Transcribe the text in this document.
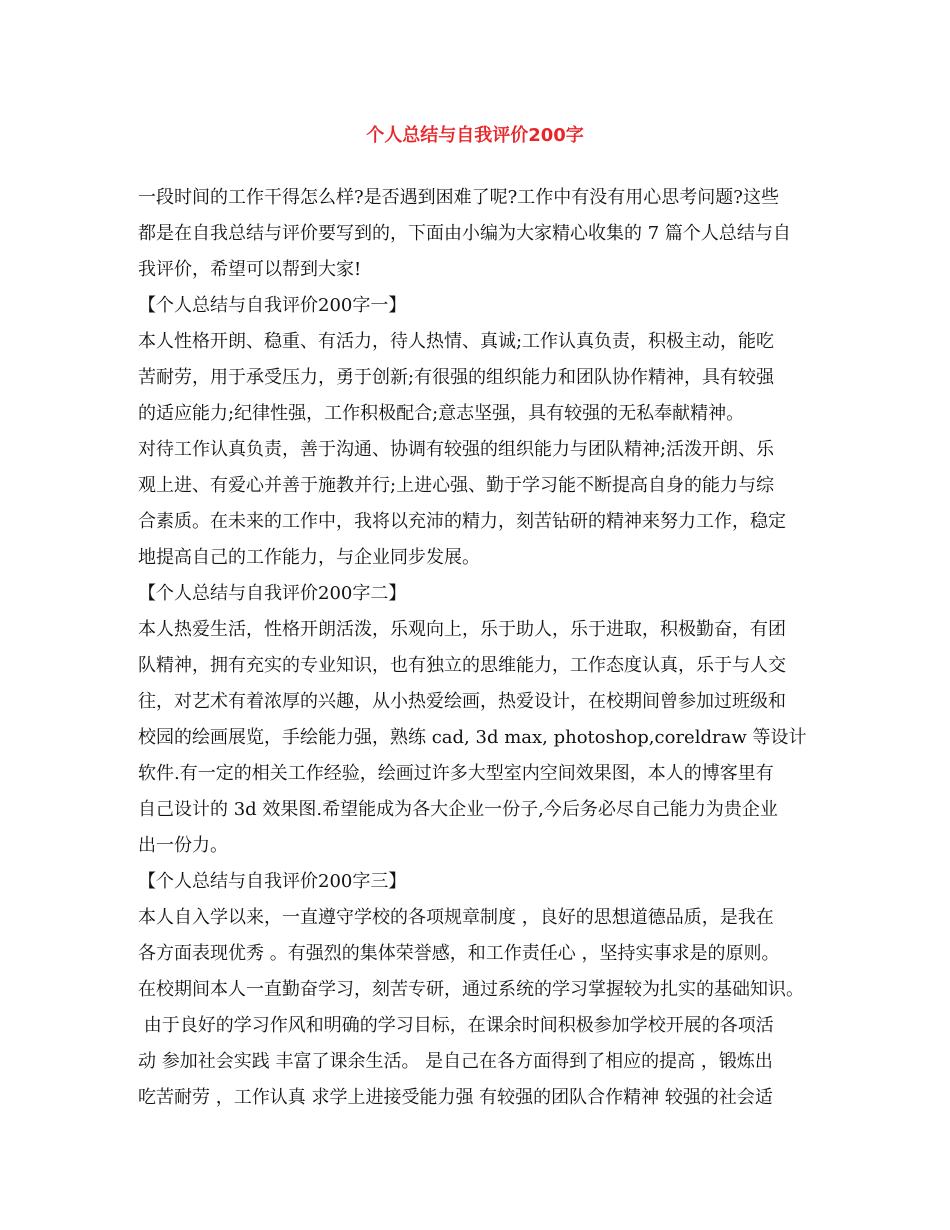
个人总结与自我评价200字
一段时间的工作干得怎么样?是否遇到困难了呢?工作中有没有用心思考问题?这些
都是在自我总结与评价要写到的，下面由小编为大家精心收集的 7 篇个人总结与自
我评价，希望可以帮到大家!
【个人总结与自我评价200字一】
本人性格开朗、稳重、有活力，待人热情、真诚;工作认真负责，积极主动，能吃
苦耐劳，用于承受压力，勇于创新;有很强的组织能力和团队协作精神，具有较强
的适应能力;纪律性强，工作积极配合;意志坚强，具有较强的无私奉献精神。
对待工作认真负责，善于沟通、协调有较强的组织能力与团队精神;活泼开朗、乐
观上进、有爱心并善于施教并行;上进心强、勤于学习能不断提高自身的能力与综
合素质。在未来的工作中，我将以充沛的精力，刻苦钻研的精神来努力工作，稳定
地提高自己的工作能力，与企业同步发展。
【个人总结与自我评价200字二】
本人热爱生活，性格开朗活泼，乐观向上，乐于助人，乐于进取，积极勤奋，有团
队精神，拥有充实的专业知识，也有独立的思维能力，工作态度认真，乐于与人交
往，对艺术有着浓厚的兴趣，从小热爱绘画，热爱设计，在校期间曾参加过班级和
校园的绘画展览，手绘能力强，熟练 cad, 3d max, photoshop,coreldraw 等设计
软件.有一定的相关工作经验，绘画过许多大型室内空间效果图，本人的博客里有
自己设计的 3d 效果图.希望能成为各大企业一份子,今后务必尽自己能力为贵企业
出一份力。
【个人总结与自我评价200字三】
本人自入学以来，一直遵守学校的各项规章制度 ，良好的思想道德品质，是我在
各方面表现优秀 。有强烈的集体荣誉感，和工作责任心 ，坚持实事求是的原则。
在校期间本人一直勤奋学习，刻苦专研，通过系统的学习掌握较为扎实的基础知识。
由于良好的学习作风和明确的学习目标，在课余时间积极参加学校开展的各项活
动 参加社会实践 丰富了课余生活。 是自己在各方面得到了相应的提高 ，锻炼出
吃苦耐劳 ，工作认真 求学上进接受能力强 有较强的团队合作精神 较强的社会适
